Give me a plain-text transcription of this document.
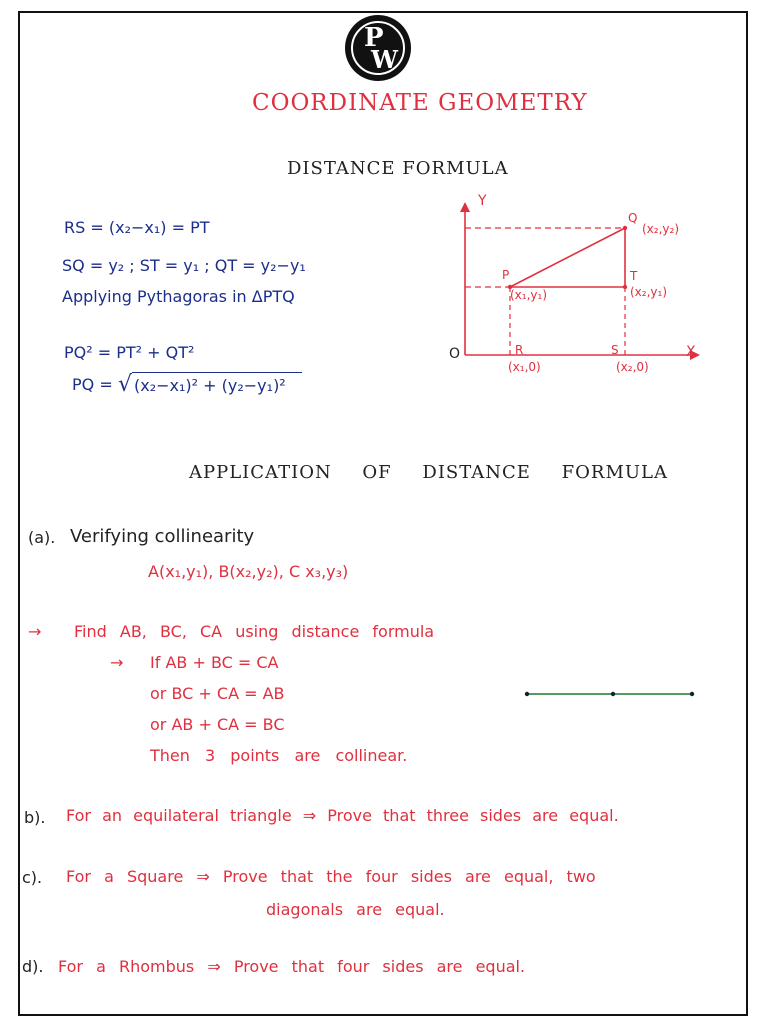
P
W
COORDINATE GEOMETRY
DISTANCE FORMULA
RS = (x₂−x₁) = PT
SQ = y₂ ; ST = y₁ ; QT = y₂−y₁
Applying Pythagoras in ΔPTQ
PQ² = PT² + QT²
PQ = √ (x₂−x₁)² + (y₂−y₁)²
Y
X
O
P
(x₁,y₁)
Q
(x₂,y₂)
T
(x₂,y₁)
R
(x₁,0)
S
(x₂,0)
APPLICATION OF DISTANCE FORMULA
(a). Verifying collinearity
A(x₁,y₁), B(x₂,y₂), C x₃,y₃)
→ Find AB, BC, CA using distance formula
→ If AB + BC = CA
or BC + CA = AB
or AB + CA = BC
Then 3 points are collinear.
b). For an equilateral triangle ⇒ Prove that three sides are equal.
c). For a Square ⇒ Prove that the four sides are equal, two
diagonals are equal.
d). For a Rhombus ⇒ Prove that four sides are equal.
